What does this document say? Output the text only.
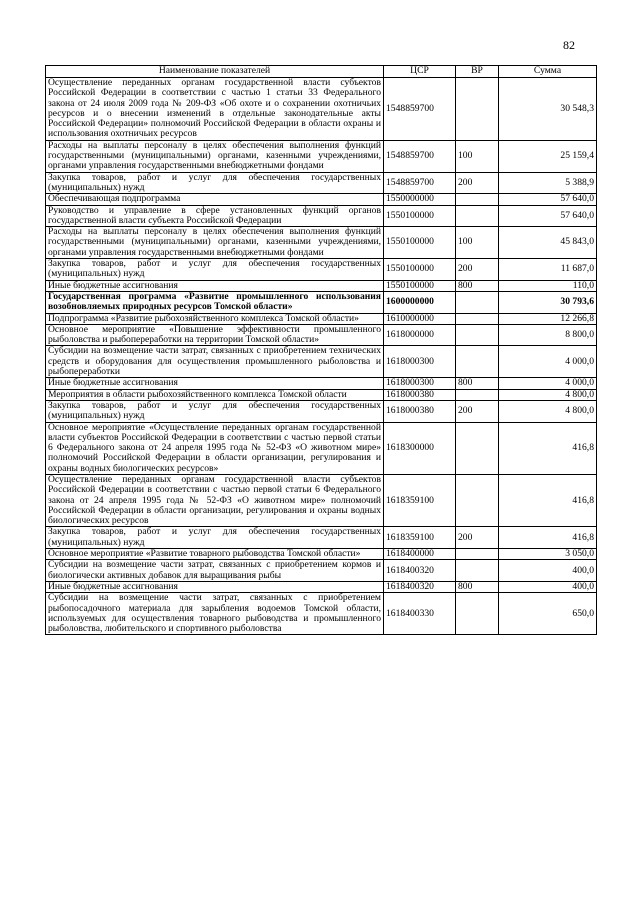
82
Наименование показателей	ЦСР	ВР	Сумма
Осуществление переданных органам государственной власти субъектов Российской Федерации в соответствии с частью 1 статьи 33 Федерального закона от 24 июля 2009 года № 209-ФЗ «Об охоте и о сохранении охотничьих ресурсов и о внесении изменений в отдельные законодательные акты Российской Федерации» полномочий Российской Федерации в области охраны и использования охотничьих ресурсов	1548859700		30 548,3
Расходы на выплаты персоналу в целях обеспечения выполнения функций государственными (муниципальными) органами, казенными учреждениями, органами управления государственными внебюджетными фондами	1548859700	100	25 159,4
Закупка товаров, работ и услуг для обеспечения государственных (муниципальных) нужд	1548859700	200	5 388,9
Обеспечивающая подпрограмма	1550000000		57 640,0
Руководство и управление в сфере установленных функций органов государственной власти субъекта Российской Федерации	1550100000		57 640,0
Расходы на выплаты персоналу в целях обеспечения выполнения функций государственными (муниципальными) органами, казенными учреждениями, органами управления государственными внебюджетными фондами	1550100000	100	45 843,0
Закупка товаров, работ и услуг для обеспечения государственных (муниципальных) нужд	1550100000	200	11 687,0
Иные бюджетные ассигнования	1550100000	800	110,0
Государственная программа «Развитие промышленного использования возобновляемых природных ресурсов Томской области»	1600000000		30 793,6
Подпрограмма «Развитие рыбохозяйственного комплекса Томской области»	1610000000		12 266,8
Основное мероприятие «Повышение эффективности промышленного рыболовства и рыбопереработки на территории Томской области»	1618000000		8 800,0
Субсидии на возмещение части затрат, связанных с приобретением технических средств и оборудования для осуществления промышленного рыболовства и рыбопереработки	1618000300		4 000,0
Иные бюджетные ассигнования	1618000300	800	4 000,0
Мероприятия в области рыбохозяйственного комплекса Томской области	1618000380		4 800,0
Закупка товаров, работ и услуг для обеспечения государственных (муниципальных) нужд	1618000380	200	4 800,0
Основное мероприятие «Осуществление переданных органам государственной власти субъектов Российской Федерации в соответствии с частью первой статьи 6 Федерального закона от 24 апреля 1995 года № 52-ФЗ «О животном мире» полномочий Российской Федерации в области организации, регулирования и охраны водных биологических ресурсов»	1618300000		416,8
Осуществление переданных органам государственной власти субъектов Российской Федерации в соответствии с частью первой статьи 6 Федерального закона от 24 апреля 1995 года № 52-ФЗ «О животном мире» полномочий Российской Федерации в области организации, регулирования и охраны водных биологических ресурсов	1618359100		416,8
Закупка товаров, работ и услуг для обеспечения государственных (муниципальных) нужд	1618359100	200	416,8
Основное мероприятие «Развитие товарного рыбоводства Томской области»	1618400000		3 050,0
Субсидии на возмещение части затрат, связанных с приобретением кормов и биологически активных добавок для выращивания рыбы	1618400320		400,0
Иные бюджетные ассигнования	1618400320	800	400,0
Субсидии на возмещение части затрат, связанных с приобретением рыбопосадочного материала для зарыбления водоемов Томской области, используемых для осуществления товарного рыбоводства и промышленного рыболовства, любительского и спортивного рыболовства	1618400330		650,0
